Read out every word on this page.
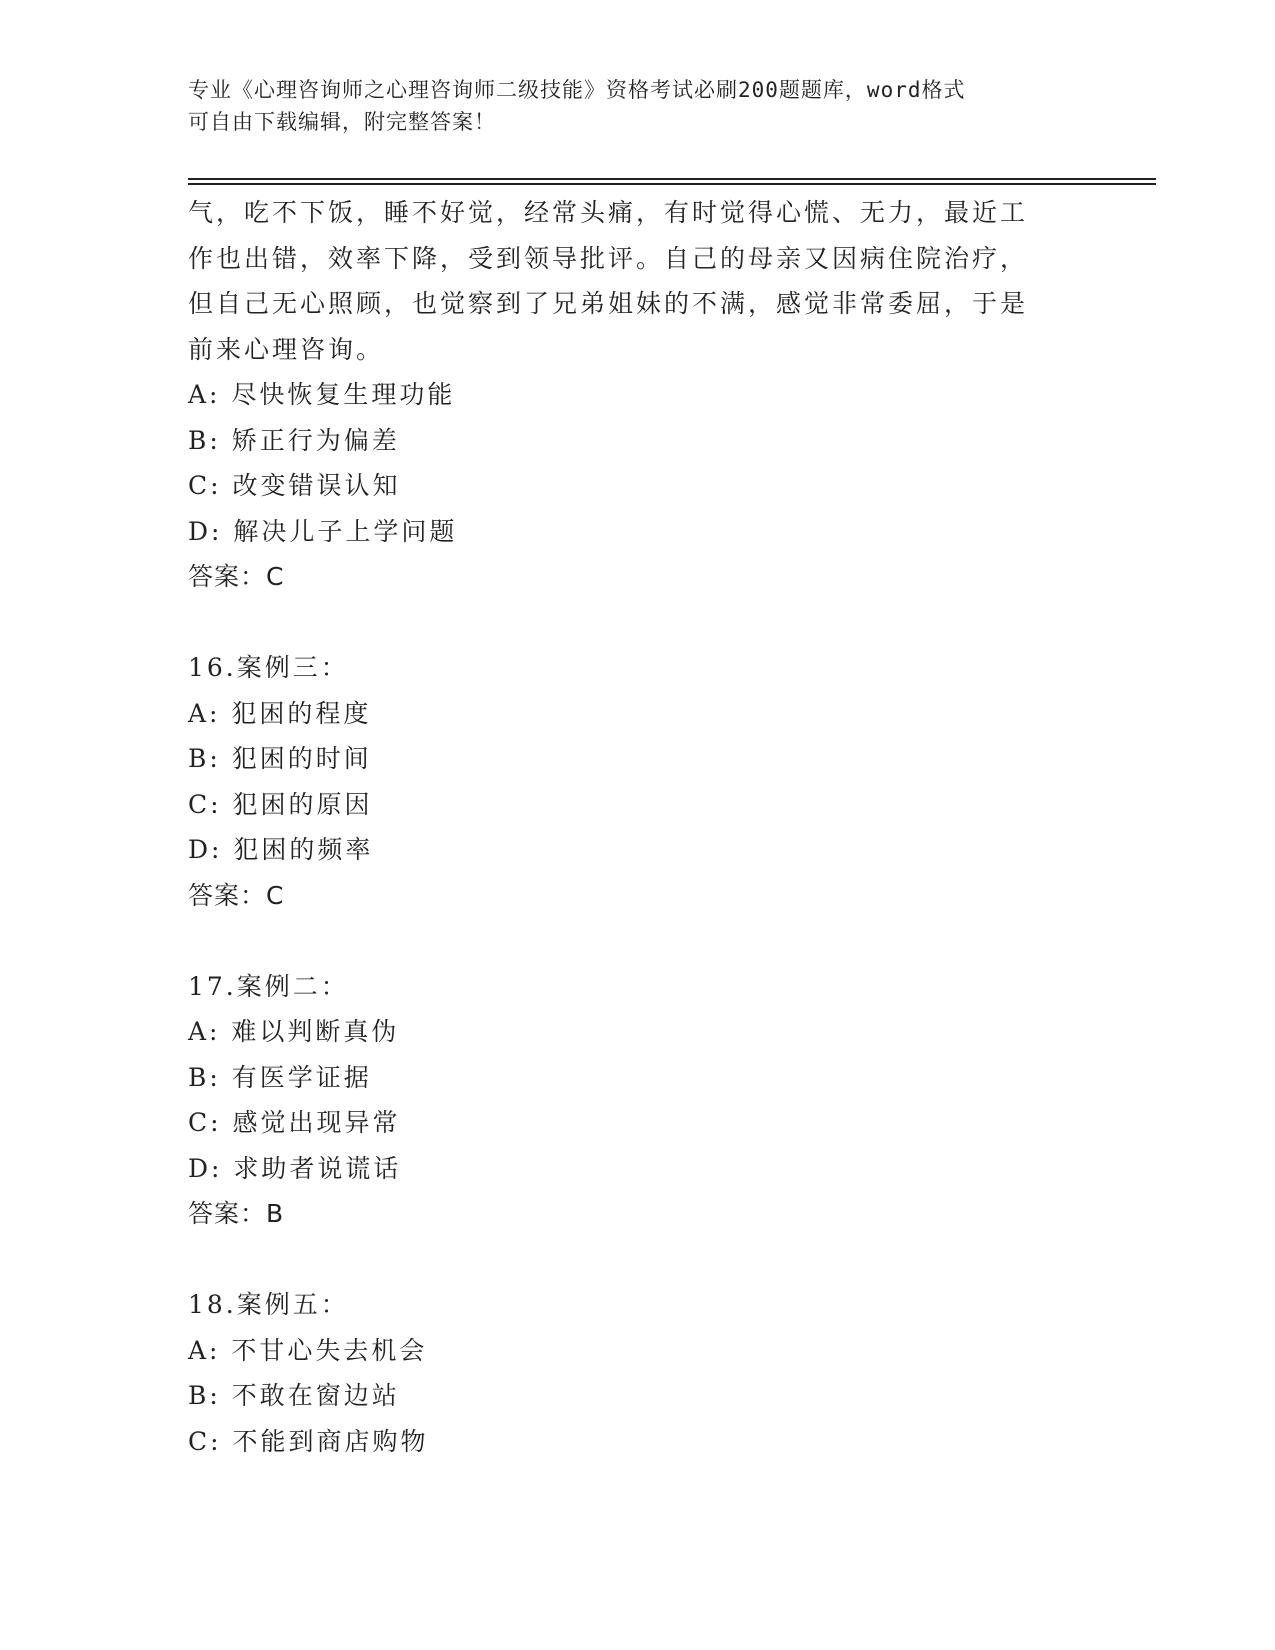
专业《心理咨询师之心理咨询师二级技能》资格考试必刷200题题库，word格式
可自由下载编辑，附完整答案！
气，吃不下饭，睡不好觉，经常头痛，有时觉得心慌、无力，最近工
作也出错，效率下降，受到领导批评。自己的母亲又因病住院治疗，
但自己无心照顾，也觉察到了兄弟姐妹的不满，感觉非常委屈，于是
前来心理咨询。
A: 尽快恢复生理功能
B: 矫正行为偏差
C: 改变错误认知
D: 解决儿子上学问题
答案：C
16.案例三：
A: 犯困的程度
B: 犯困的时间
C: 犯困的原因
D: 犯困的频率
答案：C
17.案例二：
A: 难以判断真伪
B: 有医学证据
C: 感觉出现异常
D: 求助者说谎话
答案：B
18.案例五：
A: 不甘心失去机会
B: 不敢在窗边站
C: 不能到商店购物
